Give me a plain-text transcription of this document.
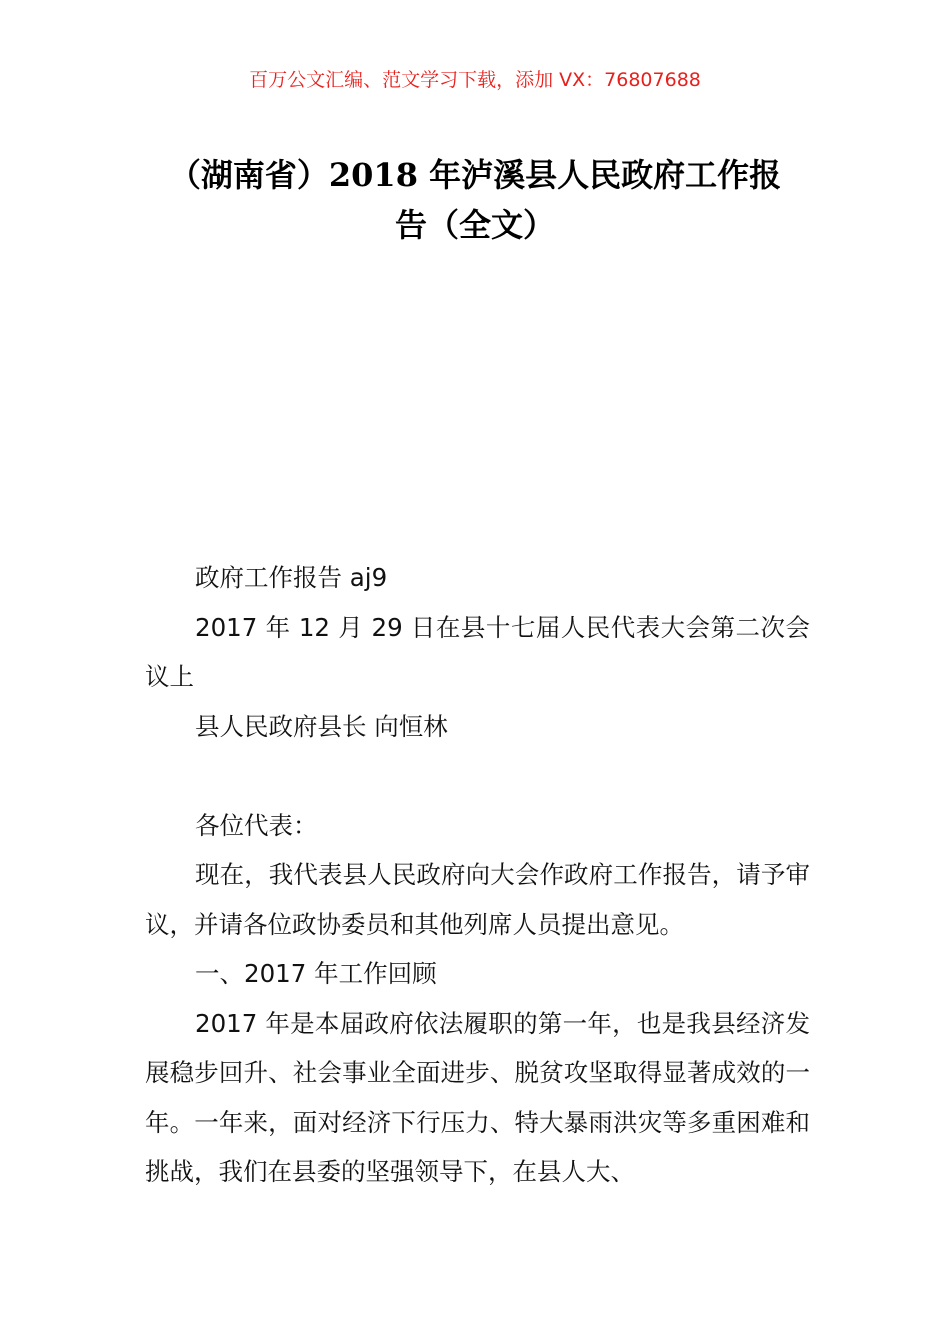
百万公文汇编、范文学习下载，添加 VX：76807688
（湖南省）2018 年泸溪县人民政府工作报
告（全文）

政府工作报告 aj9

2017 年 12 月 29 日在县十七届人民代表大会第二次会议上

县人民政府县长 向恒林

各位代表：

现在，我代表县人民政府向大会作政府工作报告，请予审议，并请各位政协委员和其他列席人员提出意见。

一、2017 年工作回顾

2017 年是本届政府依法履职的第一年，也是我县经济发展稳步回升、社会事业全面进步、脱贫攻坚取得显著成效的一年。一年来，面对经济下行压力、特大暴雨洪灾等多重困难和挑战，我们在县委的坚强领导下，在县人大、
